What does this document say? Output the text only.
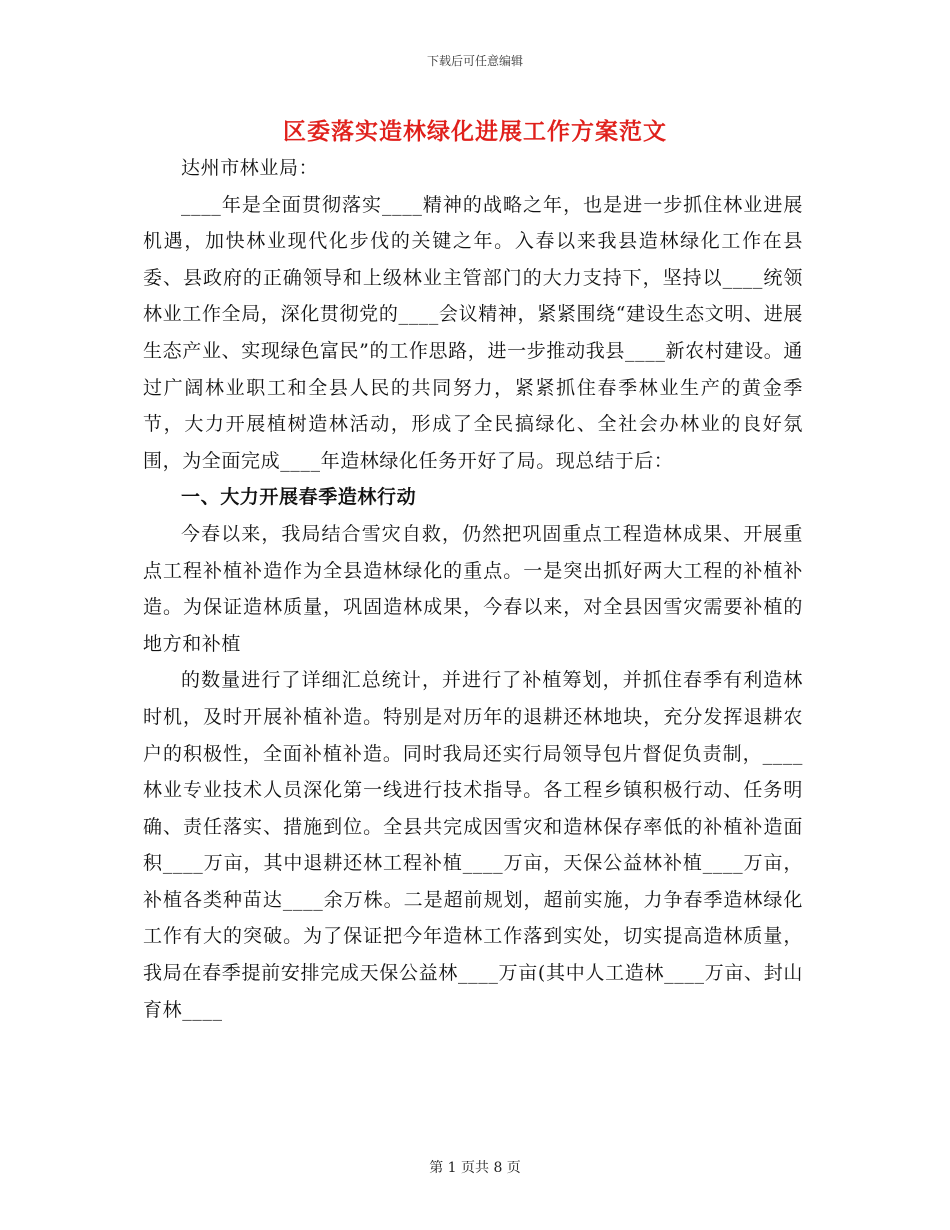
下载后可任意编辑
区委落实造林绿化进展工作方案范文

达州市林业局：

____年是全面贯彻落实____精神的战略之年，也是进一步抓住林业进展机遇，加快林业现代化步伐的关键之年。入春以来我县造林绿化工作在县委、县政府的正确领导和上级林业主管部门的大力支持下，坚持以____统领林业工作全局，深化贯彻党的____会议精神，紧紧围绕“建设生态文明、进展生态产业、实现绿色富民”的工作思路，进一步推动我县____新农村建设。通过广阔林业职工和全县人民的共同努力，紧紧抓住春季林业生产的黄金季节，大力开展植树造林活动，形成了全民搞绿化、全社会办林业的良好氛围，为全面完成____年造林绿化任务开好了局。现总结于后：

一、大力开展春季造林行动

今春以来，我局结合雪灾自救，仍然把巩固重点工程造林成果、开展重点工程补植补造作为全县造林绿化的重点。一是突出抓好两大工程的补植补造。为保证造林质量，巩固造林成果，今春以来，对全县因雪灾需要补植的地方和补植

的数量进行了详细汇总统计，并进行了补植筹划，并抓住春季有利造林时机，及时开展补植补造。特别是对历年的退耕还林地块，充分发挥退耕农户的积极性，全面补植补造。同时我局还实行局领导包片督促负责制，____林业专业技术人员深化第一线进行技术指导。各工程乡镇积极行动、任务明确、责任落实、措施到位。全县共完成因雪灾和造林保存率低的补植补造面积____万亩，其中退耕还林工程补植____万亩，天保公益林补植____万亩，补植各类种苗达____余万株。二是超前规划，超前实施，力争春季造林绿化工作有大的突破。为了保证把今年造林工作落到实处，切实提高造林质量，我局在春季提前安排完成天保公益林____万亩(其中人工造林____万亩、封山育林____

第 1 页共 8 页
